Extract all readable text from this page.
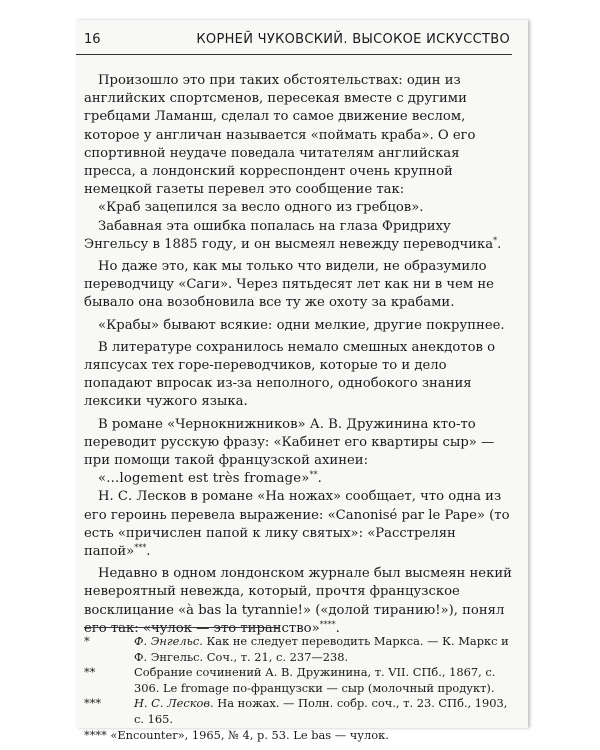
16	КОРНЕЙ ЧУКОВСКИЙ. ВЫСОКОЕ ИСКУССТВО

Произошло это при таких обстоятельствах: один из английских спортсменов, пересекая вместе с другими гребцами Ламанш, сделал то самое движение веслом, которое у англичан называется «поймать краба». О его спортивной неудаче поведала читателям английская пресса, а лондонский корреспондент очень крупной немецкой газеты перевел это сообщение так:

«Краб зацепился за весло одного из гребцов».

Забавная эта ошибка попалась на глаза Фридриху Энгельсу в 1885 году, и он высмеял невежду переводчика*.

Но даже это, как мы только что видели, не образумило переводчицу «Саги». Через пятьдесят лет как ни в чем не бывало она возобновила все ту же охоту за крабами.

«Крабы» бывают всякие: одни мелкие, другие покрупнее.

В литературе сохранилось немало смешных анекдотов о ляпсусах тех горе-переводчиков, которые то и дело попадают впросак из-за неполного, однобокого знания лексики чужого языка.

В романе «Чернокнижников» А. В. Дружинина кто-то переводит русскую фразу: «Кабинет его квартиры сыр» — при помощи такой французской ахинеи:

«...logement est très fromage»**.

Н. С. Лесков в романе «На ножах» сообщает, что одна из его героинь перевела выражение: «Canonisé par le Pape» (то есть «причислен папой к лику святых»: «Расстрелян папой»***.

Недавно в одном лондонском журнале был высмеян некий невероятный невежда, который, прочтя французское восклицание «à bas la tyrannie!» («долой тиранию!»), понял его так: «чулок — это тиранство»****.

*	Ф. Энгельс. Как не следует переводить Маркса. — К. Маркс и Ф. Энгельс. Соч., т. 21, с. 237—238.
**	Собрание сочинений А. В. Дружинина, т. VII. СПб., 1867, с. 306. Le fromage по-французски — сыр (молочный продукт).
***	Н. С. Лесков. На ножах. — Полн. собр. соч., т. 23. СПб., 1903, с. 165.
**** «Encounter», 1965, № 4, p. 53. Le bas — чулок.
